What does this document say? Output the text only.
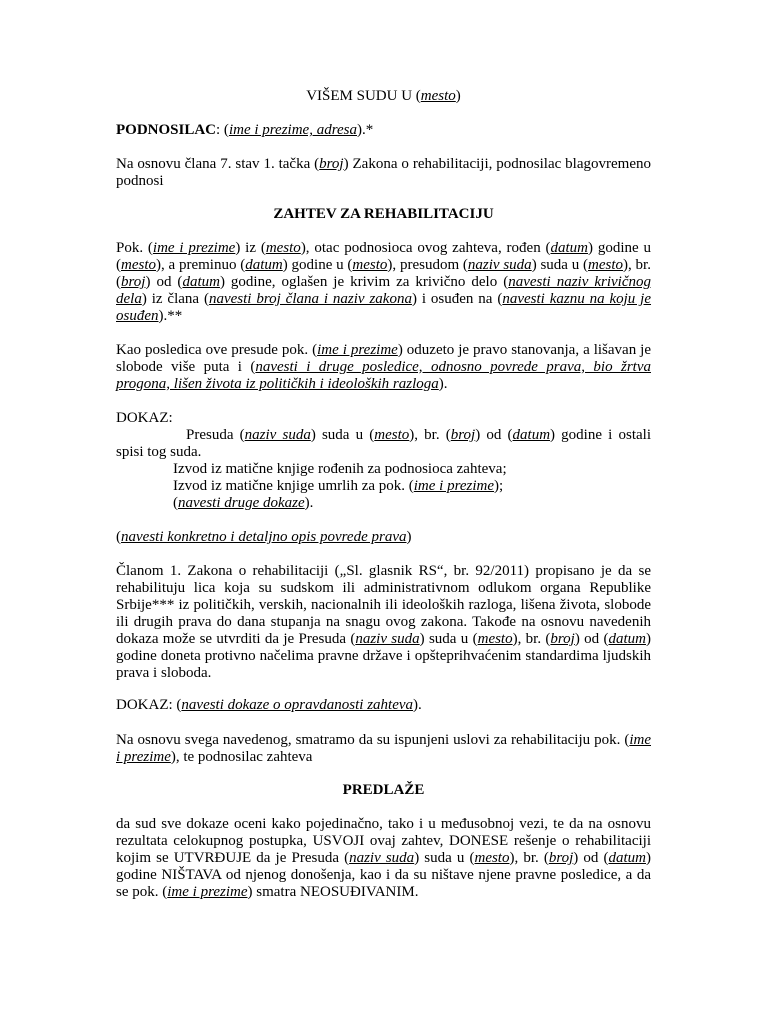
VIŠEM SUDU U (mesto)
PODNOSILAC: (ime i prezime, adresa).*
Na osnovu člana 7. stav 1. tačka (broj) Zakona o rehabilitaciji, podnosilac blagovremeno podnosi
ZAHTEV ZA REHABILITACIJU
Pok. (ime i prezime) iz (mesto), otac podnosioca ovog zahteva, rođen (datum) godine u (mesto), a preminuo (datum) godine u (mesto), presudom (naziv suda) suda u (mesto), br. (broj) od (datum) godine, oglašen je krivim za krivično delo (navesti naziv krivičnog dela) iz člana (navesti broj člana i naziv zakona) i osuđen na (navesti kaznu na koju je osuđen).**
Kao posledica ove presude pok. (ime i prezime) oduzeto je pravo stanovanja, a lišavan je slobode više puta i (navesti i druge posledice, odnosno povrede prava, bio žrtva progona, lišen života iz političkih i ideoloških razloga).
DOKAZ:
Presuda (naziv suda) suda u (mesto), br. (broj) od (datum) godine i ostali spisi tog suda.
Izvod iz matične knjige rođenih za podnosioca zahteva;
Izvod iz matične knjige umrlih za pok. (ime i prezime);
(navesti druge dokaze).
(navesti konkretno i detaljno opis povrede prava)
Članom 1. Zakona o rehabilitaciji („Sl. glasnik RS“, br. 92/2011) propisano je da se rehabilituju lica koja su sudskom ili administrativnom odlukom organa Republike Srbije*** iz političkih, verskih, nacionalnih ili ideoloških razloga, lišena života, slobode ili drugih prava do dana stupanja na snagu ovog zakona. Takođe na osnovu navedenih dokaza može se utvrditi da je Presuda (naziv suda) suda u (mesto), br. (broj) od (datum) godine doneta protivno načelima pravne države i opšteprihvaćenim standardima ljudskih prava i sloboda.
DOKAZ: (navesti dokaze o opravdanosti zahteva).
Na osnovu svega navedenog, smatramo da su ispunjeni uslovi za rehabilitaciju pok. (ime i prezime), te podnosilac zahteva
PREDLAŽE
da sud sve dokaze oceni kako pojedinačno, tako i u međusobnoj vezi, te da na osnovu rezultata celokupnog postupka, USVOJI ovaj zahtev, DONESE rešenje o rehabilitaciji kojim se UTVRĐUJE da je Presuda (naziv suda) suda u (mesto), br. (broj) od (datum) godine NIŠTAVA od njenog donošenja, kao i da su ništave njene pravne posledice, a da se pok. (ime i prezime) smatra NEOSUĐIVANIM.
